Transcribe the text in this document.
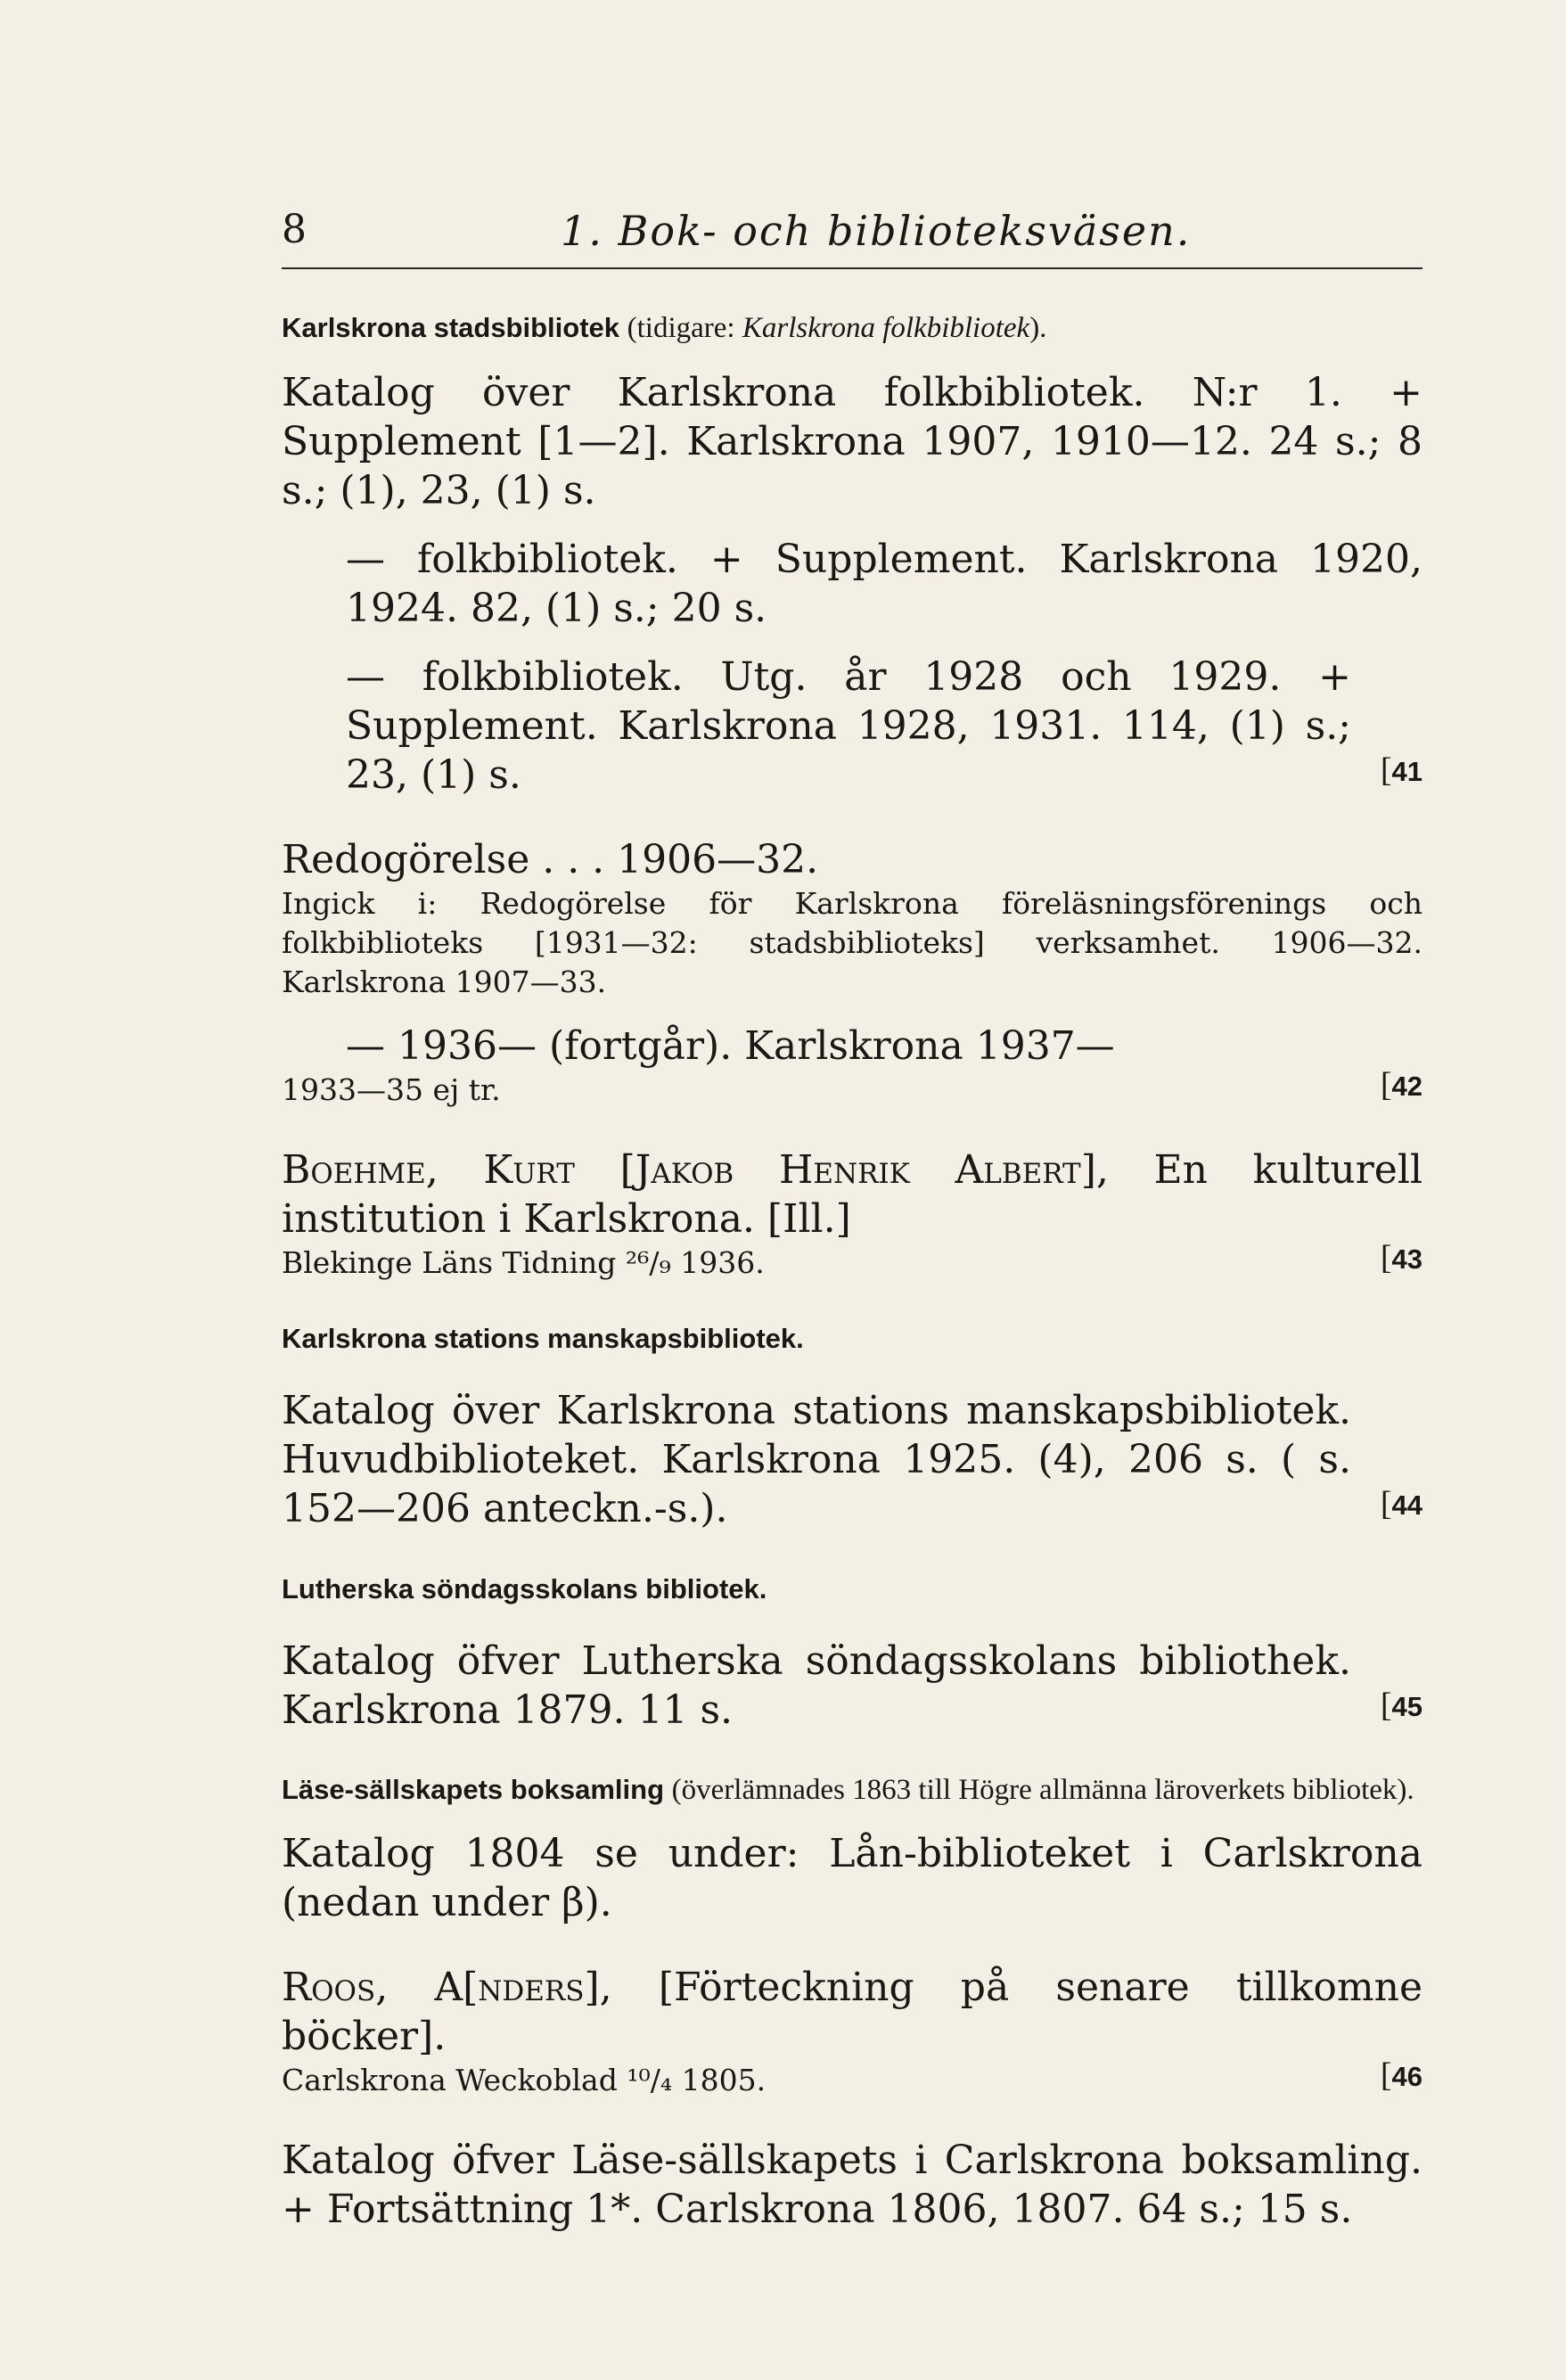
8	1. Bok- och biblioteksväsen.

Karlskrona stadsbibliotek (tidigare: Karlskrona folkbibliotek).

Katalog över Karlskrona folkbibliotek. N:r 1. + Supplement [1—2]. Karlskrona 1907, 1910—12. 24 s.; 8 s.; (1), 23, (1) s.

— folkbibliotek. + Supplement. Karlskrona 1920, 1924. 82, (1) s.; 20 s.

— folkbibliotek. Utg. år 1928 och 1929. + Supplement. Karlskrona 1928, 1931. 114, (1) s.; 23, (1) s.	[41

Redogörelse . . . 1906—32.

Ingick i: Redogörelse för Karlskrona föreläsningsförenings och folkbiblioteks [1931—32: stadsbiblioteks] verksamhet. 1906—32. Karlskrona 1907—33.

— 1936— (fortgår). Karlskrona 1937—

1933—35 ej tr.	[42

Boehme, Kurt [Jakob Henrik Albert], En kulturell institution i Karlskrona. [Ill.]

Blekinge Läns Tidning ²⁶/₉ 1936.	[43

Karlskrona stations manskapsbibliotek.

Katalog över Karlskrona stations manskapsbibliotek. Huvudbiblioteket. Karlskrona 1925. (4), 206 s. ( s. 152—206 anteckn.-s.).	[44

Lutherska söndagsskolans bibliotek.

Katalog öfver Lutherska söndagsskolans bibliothek. Karlskrona 1879. 11 s.	[45

Läse-sällskapets boksamling (överlämnades 1863 till Högre allmänna läroverkets bibliotek).

Katalog 1804 se under: Lån-biblioteket i Carlskrona (nedan under β).

Roos, A[nders], [Förteckning på senare tillkomne böcker].

Carlskrona Weckoblad ¹⁰/₄ 1805.	[46

Katalog öfver Läse-sällskapets i Carlskrona boksamling. + Fortsättning 1*. Carlskrona 1806, 1807. 64 s.; 15 s.
